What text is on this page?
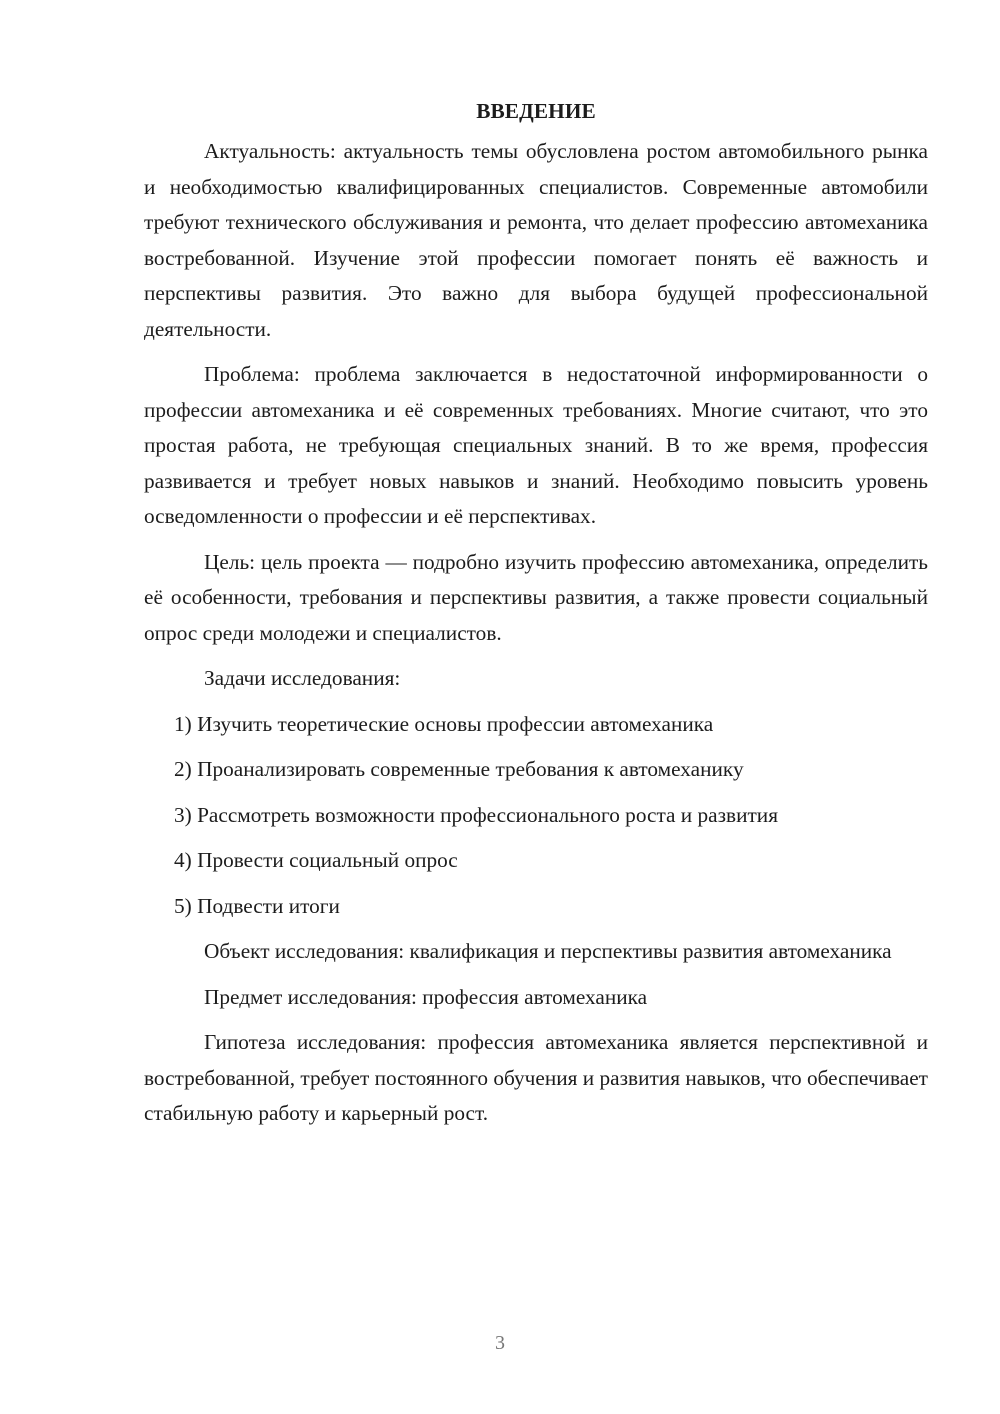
ВВЕДЕНИЕ

Актуальность: актуальность темы обусловлена ростом автомобильного рынка и необходимостью квалифицированных специалистов. Современные автомобили требуют технического обслуживания и ремонта, что делает профессию автомеханика востребованной. Изучение этой профессии помогает понять её важность и перспективы развития. Это важно для выбора будущей профессиональной деятельности.

Проблема: проблема заключается в недостаточной информированности о профессии автомеханика и её современных требованиях. Многие считают, что это простая работа, не требующая специальных знаний. В то же время, профессия развивается и требует новых навыков и знаний. Необходимо повысить уровень осведомленности о профессии и её перспективах.

Цель: цель проекта — подробно изучить профессию автомеханика, определить её особенности, требования и перспективы развития, а также провести социальный опрос среди молодежи и специалистов.

Задачи исследования:

1) Изучить теоретические основы профессии автомеханика

2) Проанализировать современные требования к автомеханику

3) Рассмотреть возможности профессионального роста и развития

4) Провести социальный опрос

5) Подвести итоги

Объект исследования: квалификация и перспективы развития автомеханика

Предмет исследования: профессия автомеханика

Гипотеза исследования: профессия автомеханика является перспективной и востребованной, требует постоянного обучения и развития навыков, что обеспечивает стабильную работу и карьерный рост.

3
